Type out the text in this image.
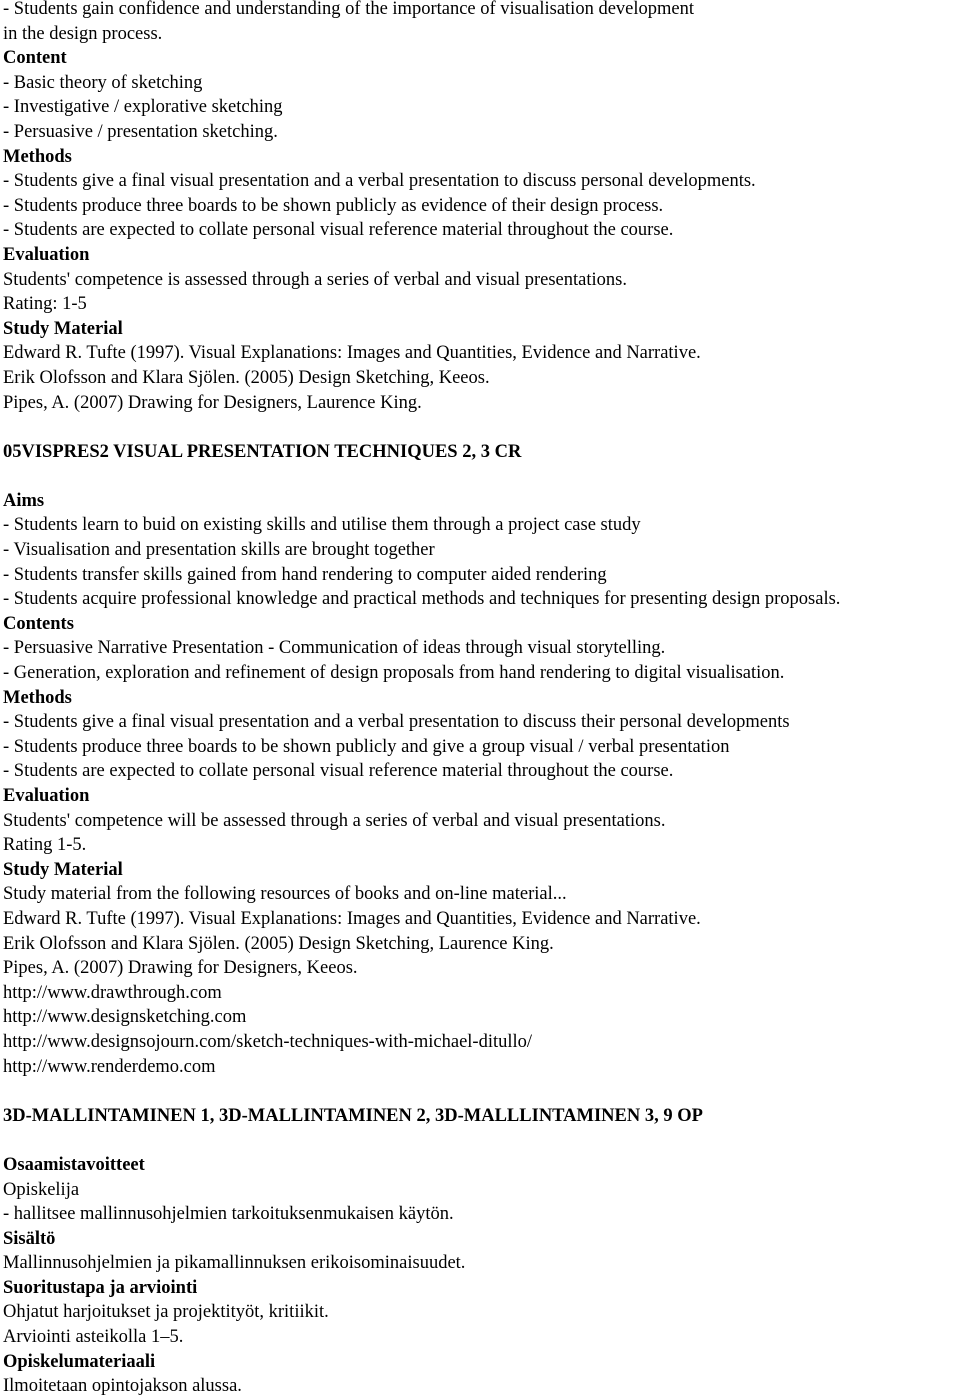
- Students gain confidence and understanding of the importance of visualisation development
in the design process.
Content
- Basic theory of sketching
- Investigative / explorative sketching
- Persuasive / presentation sketching.
Methods
- Students give a final visual presentation and a verbal presentation to discuss personal developments.
- Students produce three boards to be shown publicly as evidence of their design process.
- Students are expected to collate personal visual reference material throughout the course.
Evaluation
Students' competence is assessed through a series of verbal and visual presentations.
Rating: 1-5
Study Material
Edward R. Tufte (1997). Visual Explanations: Images and Quantities, Evidence and Narrative.
Erik Olofsson and Klara Sjölen. (2005) Design Sketching, Keeos.
Pipes, A. (2007) Drawing for Designers, Laurence King.
05VISPRES2 VISUAL PRESENTATION TECHNIQUES 2, 3 CR
Aims
- Students learn to buid on existing skills and utilise them through a project case study
- Visualisation and presentation skills are brought together
- Students transfer skills gained from hand rendering to computer aided rendering
- Students acquire professional knowledge and practical methods and techniques for presenting design proposals.
Contents
- Persuasive Narrative Presentation - Communication of ideas through visual storytelling.
- Generation, exploration and refinement of design proposals from hand rendering to digital visualisation.
Methods
- Students give a final visual presentation and a verbal presentation to discuss their personal developments
- Students produce three boards to be shown publicly and give a group visual / verbal presentation
- Students are expected to collate personal visual reference material throughout the course.
Evaluation
Students' competence will be assessed through a series of verbal and visual presentations.
Rating 1-5.
Study Material
Study material from the following resources of books and on-line material...
Edward R. Tufte (1997). Visual Explanations: Images and Quantities, Evidence and Narrative.
Erik Olofsson and Klara Sjölen. (2005) Design Sketching, Laurence King.
Pipes, A. (2007) Drawing for Designers, Keeos.
http://www.drawthrough.com
http://www.designsketching.com
http://www.designsojourn.com/sketch-techniques-with-michael-ditullo/
http://www.renderdemo.com
3D-MALLINTAMINEN 1, 3D-MALLINTAMINEN 2, 3D-MALLLINTAMINEN 3, 9 OP
Osaamistavoitteet
Opiskelija
- hallitsee mallinnusohjelmien tarkoituksenmukaisen käytön.
Sisältö
Mallinnusohjelmien ja pikamallinnuksen erikoisominaisuudet.
Suoritustapa ja arviointi
Ohjatut harjoitukset ja projektityöt, kritiikit.
Arviointi asteikolla 1–5.
Opiskelumateriaali
Ilmoitetaan opintojakson alussa.
